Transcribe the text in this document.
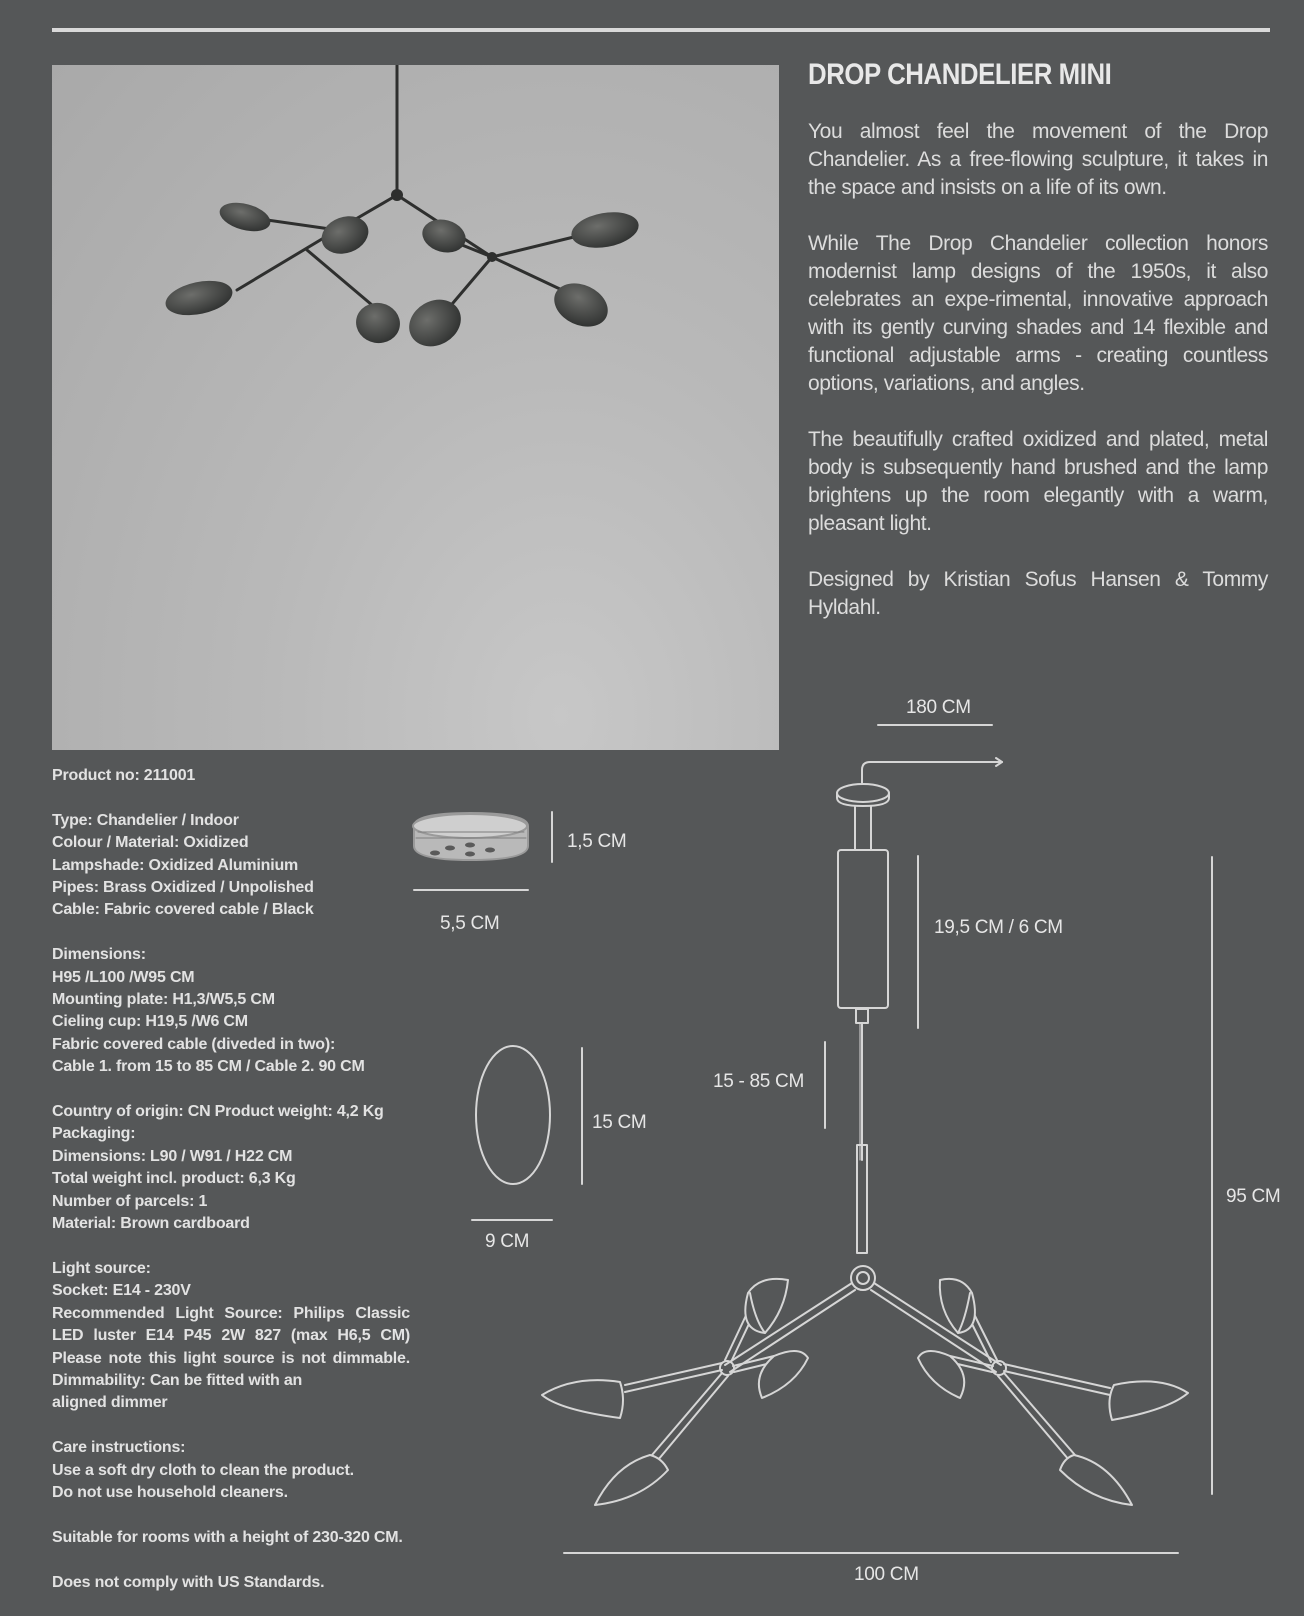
DROP CHANDELIER MINI

You almost feel the movement of the Drop Chandelier. As a free-flowing sculpture, it takes in the space and insists on a life of its own.

While The Drop Chandelier collection honors modernist lamp designs of the 1950s, it also celebrates an expe-rimental, innovative approach with its gently curving shades and 14 flexible and functional adjustable arms - creating countless options, variations, and angles.

The beautifully crafted oxidized and plated, metal body is subsequently hand brushed and the lamp brightens up the room elegantly with a warm, pleasant light.

Designed by Kristian Sofus Hansen & Tommy Hyldahl.

Product no: 211001
Type: Chandelier / Indoor
Colour / Material: Oxidized
Lampshade: Oxidized Aluminium
Pipes: Brass Oxidized / Unpolished
Cable: Fabric covered cable / Black
Dimensions:
H95 /L100 /W95 CM
Mounting plate: H1,3/W5,5 CM
Cieling cup: H19,5 /W6 CM
Fabric covered cable (diveded in two):
Cable 1. from 15 to 85 CM / Cable 2. 90 CM
Country of origin: CN Product weight: 4,2 Kg
Packaging:
Dimensions: L90 / W91 / H22 CM
Total weight incl. product: 6,3 Kg
Number of parcels: 1
Material: Brown cardboard
Light source:
Socket: E14 - 230V
Recommended Light Source: Philips Classic LED luster E14 P45 2W 827 (max H6,5 CM) Please note this light source is not dimmable. Dimmability: Can be fitted with an
aligned dimmer
Care instructions:
Use a soft dry cloth to clean the product.
Do not use household cleaners.
Suitable for rooms with a height of 230-320 CM.
Does not comply with US Standards.
180 CM
1,5 CM
5,5 CM	19,5 CM / 6 CM
15 - 85 CM
15 CM
9 CM
95 CM
100 CM
